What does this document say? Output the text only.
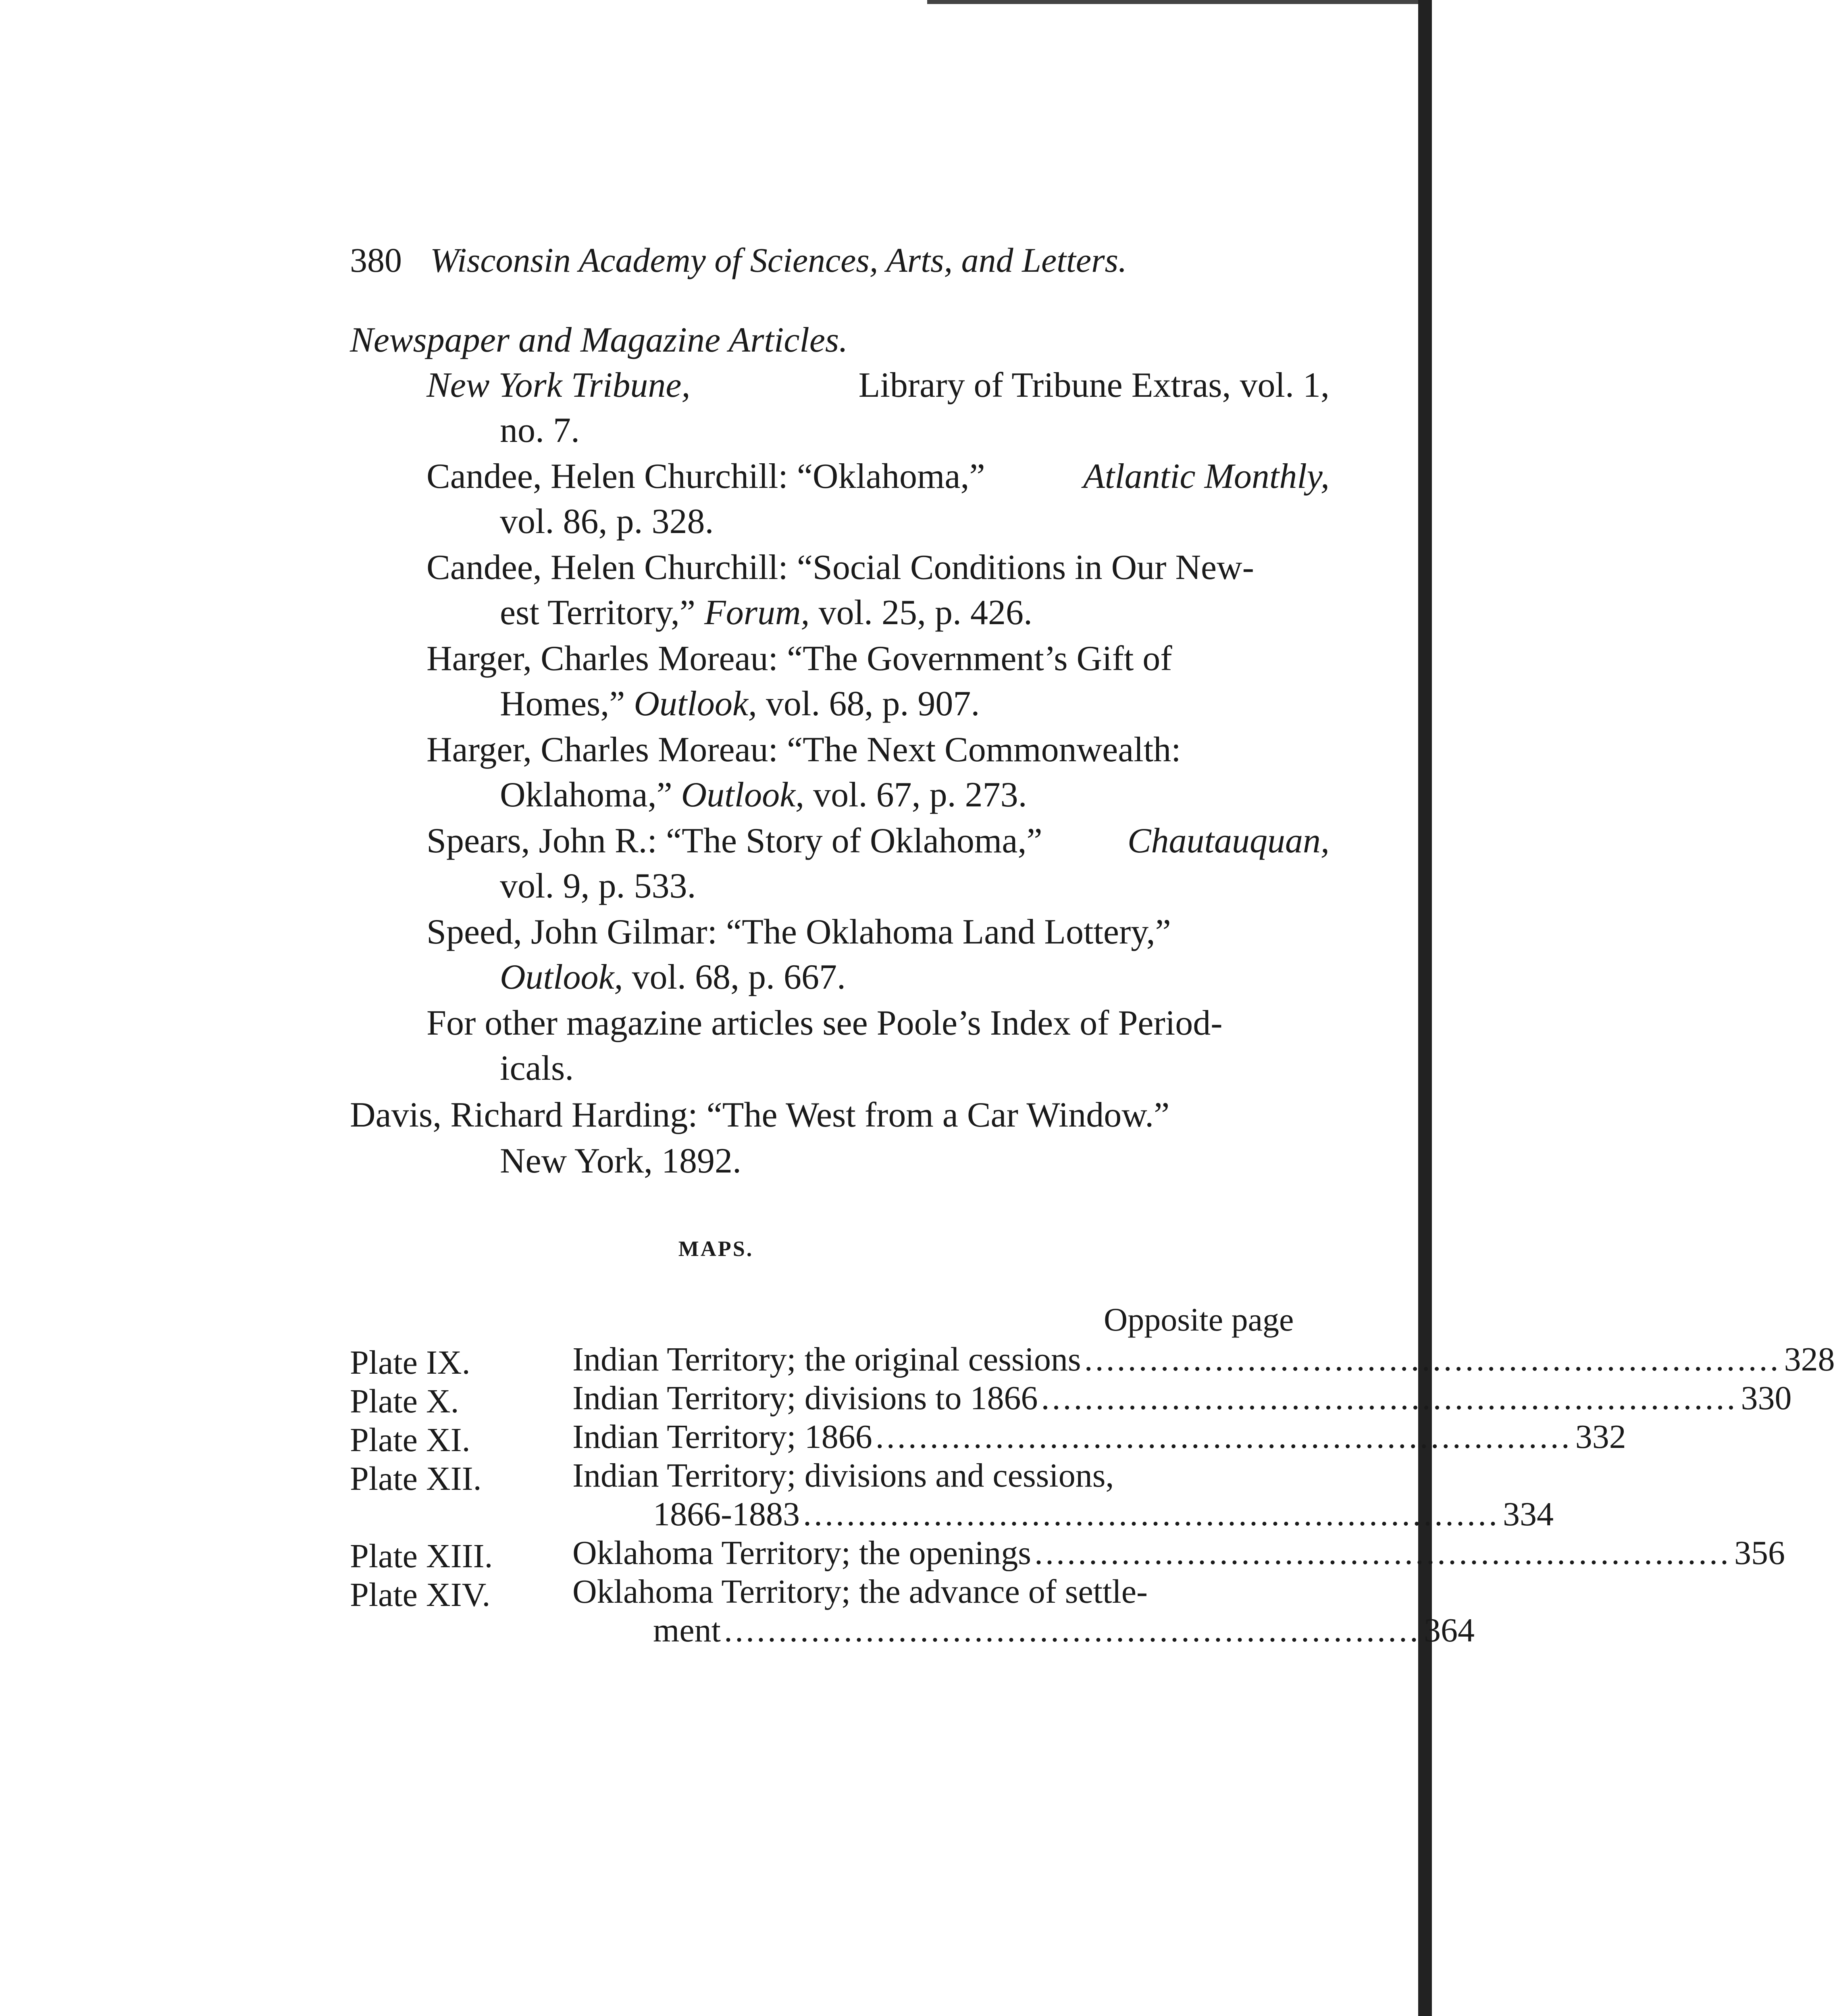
380 Wisconsin Academy of Sciences, Arts, and Letters.
Newspaper and Magazine Articles.
New York Tribune,	Library of Tribune Extras, vol. 1,
no. 7.
Candee, Helen Churchill: “Oklahoma,”	Atlantic Monthly,
vol. 86, p. 328.
Candee, Helen Churchill: “Social Conditions in Our New-
est Territory,” Forum, vol. 25, p. 426.
Harger, Charles Moreau: “The Government’s Gift of
Homes,” Outlook, vol. 68, p. 907.
Harger, Charles Moreau: “The Next Commonwealth:
Oklahoma,” Outlook, vol. 67, p. 273.
Spears, John R.: “The Story of Oklahoma,” Chautauquan,
vol. 9, p. 533.
Speed, John Gilmar: “The Oklahoma Land Lottery,”
Outlook, vol. 68, p. 667.
For other magazine articles see Poole’s Index of Period-
icals.
Davis, Richard Harding: “The West from a Car Window.”
New York, 1892.
MAPS.
Opposite page
Plate IX.	Indian Territory; the original cessions ................................................................ 328
Plate X.	Indian Territory; divisions to 1866 ................................................................ 330
Plate XI.	Indian Territory; 1866 ................................................................ 332
Plate XII.	Indian Territory; divisions and cessions,
1866-1883 ................................................................ 334
Plate XIII. Oklahoma Territory; the openings ................................................................ 356
Plate XIV. Oklahoma Territory; the advance of settle-
ment ................................................................ 364
